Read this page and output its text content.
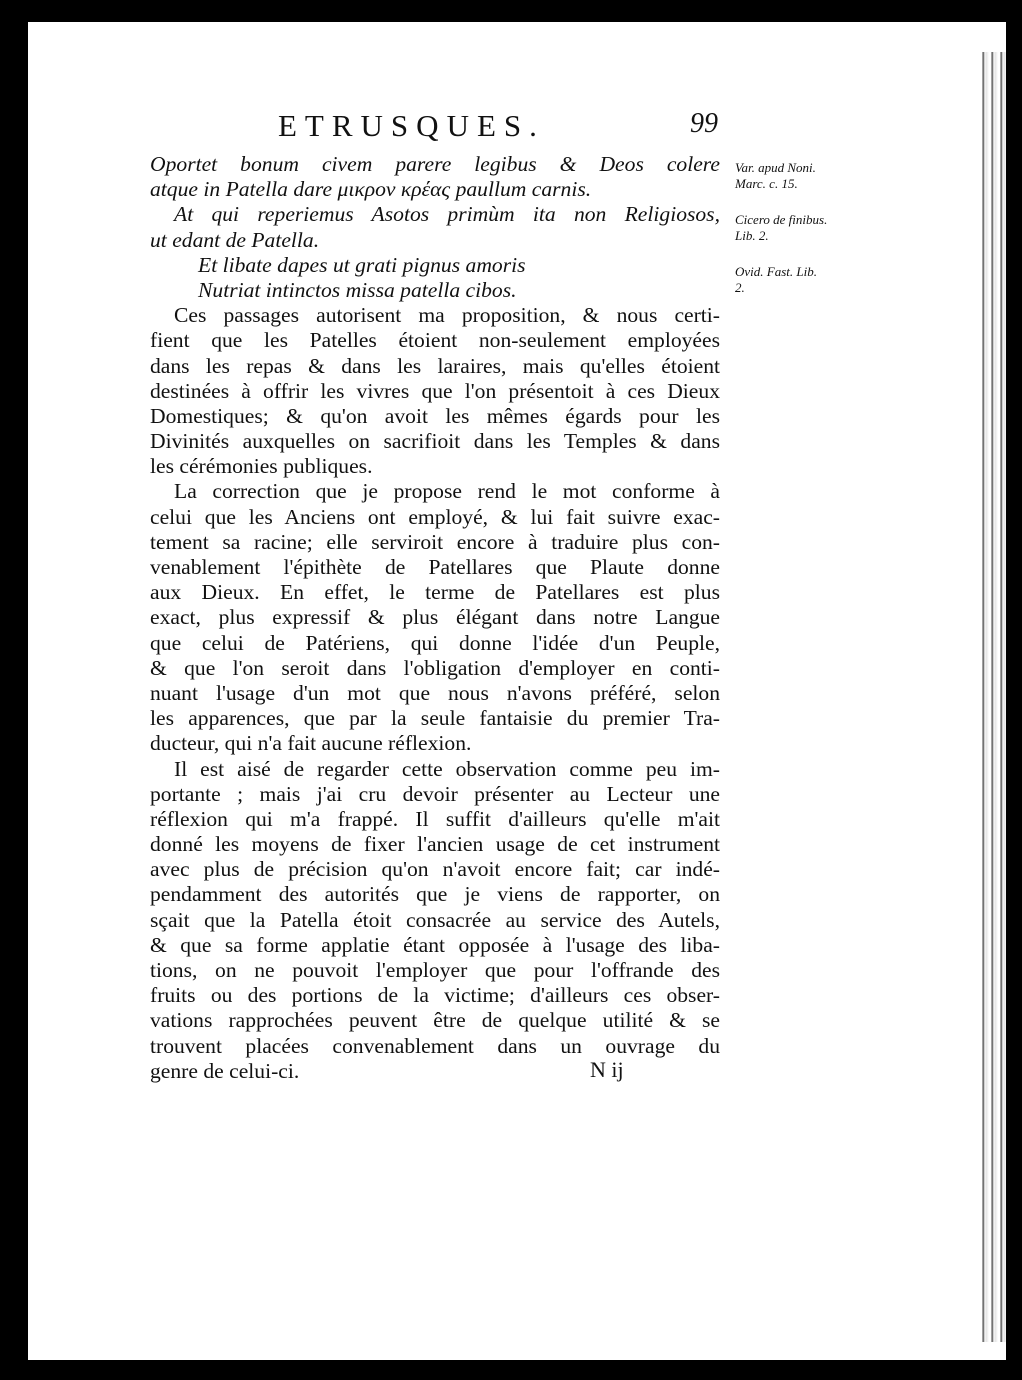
ETRUSQUES.	99
Oportet bonum civem parere legibus & Deos colere
atque in Patella dare μικρον κρέας paullum carnis.
At qui reperiemus Asotos primùm ita non Religiosos,
ut edant de Patella.
Et libate dapes ut grati pignus amoris
Nutriat intinctos missa patella cibos.
Ces passages autorisent ma proposition, & nous certi-
fient que les Patelles étoient non-seulement employées
dans les repas & dans les laraires, mais qu'elles étoient
destinées à offrir les vivres que l'on présentoit à ces Dieux
Domestiques; & qu'on avoit les mêmes égards pour les
Divinités auxquelles on sacrifioit dans les Temples & dans
les cérémonies publiques.
La correction que je propose rend le mot conforme à
celui que les Anciens ont employé, & lui fait suivre exac-
tement sa racine; elle serviroit encore à traduire plus con-
venablement l'épithète de Patellares que Plaute donne
aux Dieux. En effet, le terme de Patellares est plus
exact, plus expressif & plus élégant dans notre Langue
que celui de Patériens, qui donne l'idée d'un Peuple,
& que l'on seroit dans l'obligation d'employer en conti-
nuant l'usage d'un mot que nous n'avons préféré, selon
les apparences, que par la seule fantaisie du premier Tra-
ducteur, qui n'a fait aucune réflexion.
Il est aisé de regarder cette observation comme peu im-
portante ; mais j'ai cru devoir présenter au Lecteur une
réflexion qui m'a frappé. Il suffit d'ailleurs qu'elle m'ait
donné les moyens de fixer l'ancien usage de cet instrument
avec plus de précision qu'on n'avoit encore fait; car indé-
pendamment des autorités que je viens de rapporter, on
sçait que la Patella étoit consacrée au service des Autels,
& que sa forme applatie étant opposée à l'usage des liba-
tions, on ne pouvoit l'employer que pour l'offrande des
fruits ou des portions de la victime; d'ailleurs ces obser-
vations rapprochées peuvent être de quelque utilité & se
trouvent placées convenablement dans un ouvrage du
genre de celui-ci.	N ij
Var. apud Noni.
Marc. c. 15.
Cicero de finibus.
Lib. 2.
Ovid. Fast. Lib.
2.
